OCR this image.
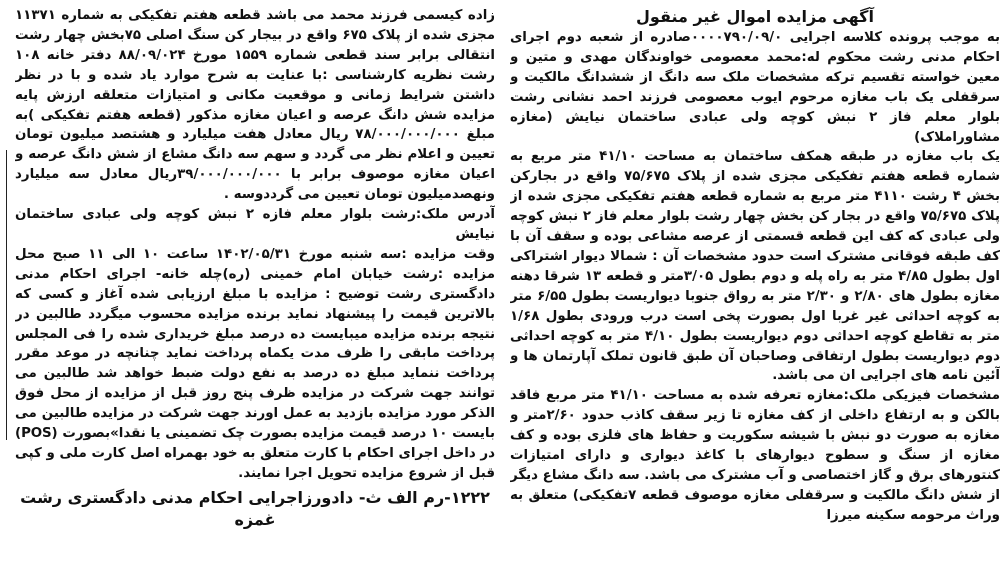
آگهی مزایده اموال غیر منقول

به موجب پرونده کلاسه اجرایی ۰۰۰۰۷۹۰/۰۹/۰صادره از شعبه دوم اجرای احکام مدنی رشت محکوم له:محمد معصومی خواوندگان مهدی و متین و معین خواسته تقسیم ترکه مشخصات ملک سه دانگ از ششدانگ مالکیت و سرقفلی یک باب مغازه مرحوم ایوب معصومی فرزند احمد نشانی رشت بلوار معلم فاز ۲ نبش کوچه ولی عبادی ساختمان نیایش (مغازه مشاوراملاک)

یک باب مغازه در طبقه همکف ساختمان به مساحت ۴۱/۱۰ متر مربع به شماره قطعه هفتم تفکیکی مجزی شده از پلاک ۷۵/۶۷۵ واقع در بجارکن بخش ۴ رشت ۴۱۱۰ متر مربع به شماره قطعه هفتم تفکیکی مجزی شده از پلاک ۷۵/۶۷۵ واقع در بجار کن بخش چهار رشت بلوار معلم فاز ۲ نبش کوچه ولی عبادی که کف این قطعه قسمتی از عرصه مشاعی بوده و سقف آن با کف طبقه فوقانی مشترک است حدود مشخصات آن : شمالا دیوار اشتراکی اول بطول ۴/۸۵ متر به راه پله و دوم بطول ۳/۰۵متر و قطعه ۱۳ شرقا دهنه مغازه بطول های ۲/۸۰ و ۲/۳۰ متر به رواق جنوبا دیواریست بطول ۶/۵۵ متر به کوچه احداثی غیر غربا اول بصورت پخی است درب ورودی بطول ۱/۶۸ متر به تقاطع کوچه احداثی دوم دیواریست بطول ۴/۱۰ متر به کوچه احداثی دوم دیواریست بطول ارتفاقی وصاحبان آن طبق قانون تملک آپارتمان ها و آئین نامه های اجرایی ان می باشد.

مشخصات فیزیکی ملک:مغازه تعرفه شده به مساحت ۴۱/۱۰ متر مربع فاقد بالکن و به ارتفاع داخلی از کف مغازه تا زیر سقف کاذب حدود ۲/۶۰متر و مغازه به صورت دو نبش با شیشه سکوریت و حفاظ های فلزی بوده و کف مغازه از سنگ و سطوح دیوارهای با کاغذ دیواری و دارای امتیازات کنتورهای برق و گاز اختصاصی و آب مشترک می باشد. سه دانگ مشاع دیگر از شش دانگ مالکیت و سرقفلی مغازه موصوف قطعه ۷تفکیکی) متعلق به وراث مرحومه سکینه میرزا

زاده کیسمی فرزند محمد می باشد قطعه هفتم تفکیکی به شماره ۱۱۳۷۱ مجزی شده از پلاک ۶۷۵ واقع در بیجار کن سنگ اصلی ۷۵بخش چهار رشت انتقالی برابر سند قطعی شماره ۱۵۵۹ مورخ ۸۸/۰۹/۰۲۴ دفتر خانه ۱۰۸ رشت نظریه کارشناسی :با عنایت به شرح موارد یاد شده و با در نظر داشتن شرایط زمانی و موقعیت مکانی و امتیازات متعلقه ارزش پایه مزایده شش دانگ عرصه و اعیان مغازه مذکور (قطعه هفتم تفکیکی )به مبلغ ۷۸/۰۰۰/۰۰۰/۰۰۰ ریال معادل هفت میلیارد و هشتصد میلیون تومان تعیین و اعلام نظر می گردد و سهم سه دانگ مشاع از شش دانگ عرصه و اعیان مغازه موصوف برابر با ۳۹/۰۰۰/۰۰۰/۰۰۰ریال معادل سه میلیارد ونهصدمیلیون تومان تعیین می گرددوسه .

آدرس ملک:رشت بلوار معلم فازه ۲ نبش کوچه ولی عبادی ساختمان نیایش

وقت مزایده :سه شنبه مورخ ۱۴۰۲/۰۵/۳۱ ساعت ۱۰ الی ۱۱ صبح محل مزایده :رشت خیابان امام خمینی (ره)چله خانه- اجرای احکام مدنی دادگستری رشت توضیح : مزایده با مبلغ ارزیابی شده آغاز و کسی که بالاترین قیمت را پیشنهاد نماید برنده مزایده محسوب میگردد طالبین در نتیجه برنده مزایده میبایست ده درصد مبلغ خریداری شده را فی المجلس پرداخت مابقی را ظرف مدت یکماه پرداخت نماید چنانچه در موعد مقرر پرداخت ننماید مبلغ ده درصد به نفع دولت ضبط خواهد شد طالبین می توانند جهت شرکت در مزایده ظرف پنج روز قبل از مزایده از محل فوق الذکر مورد مزایده بازدید به عمل اورند جهت شرکت در مزایده طالبین می بایست ۱۰ درصد قیمت مزایده بصورت چک تضمینی یا نقدا»بصورت (POS) در داخل اجرای احکام با کارت متعلق به خود بهمراه اصل کارت ملی و کپی قبل از شروع مزایده تحویل اجرا نمایند.

۱۲۲۲-رم الف ث- دادورزاجرایی احکام مدنی دادگستری رشت
غمزه
